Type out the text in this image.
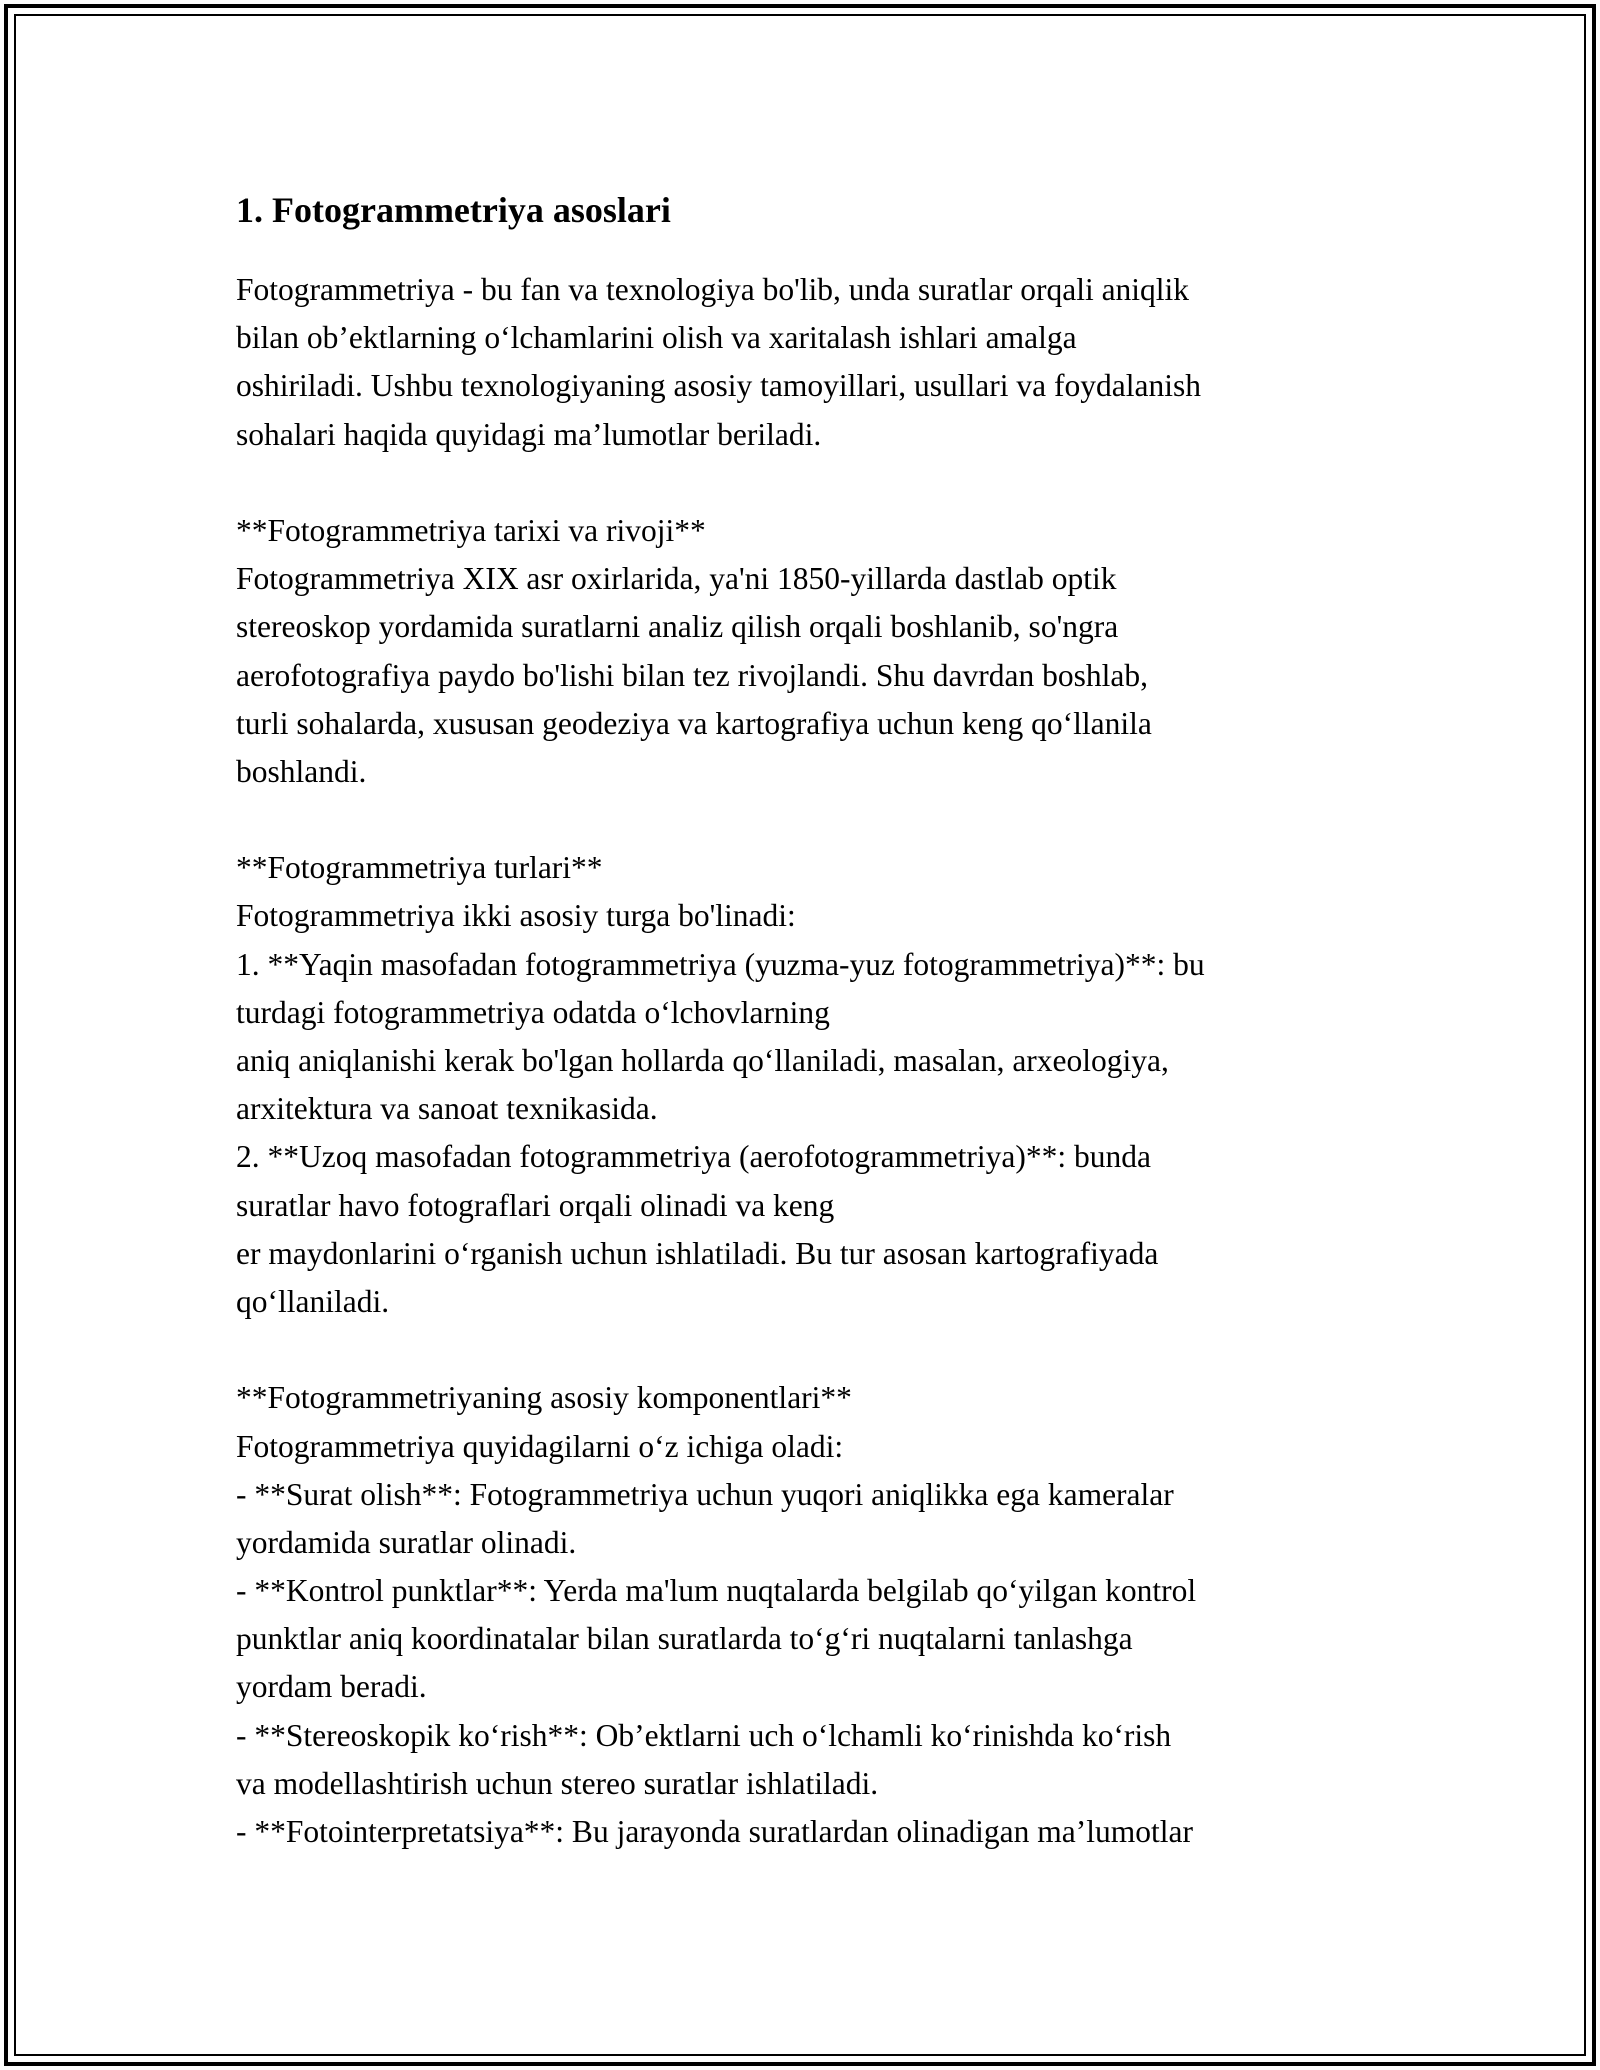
1. Fotogrammetriya asoslari
Fotogrammetriya - bu fan va texnologiya bo'lib, unda suratlar orqali aniqlik
bilan ob’ektlarning o‘lchamlarini olish va xaritalash ishlari amalga
oshiriladi. Ushbu texnologiyaning asosiy tamoyillari, usullari va foydalanish
sohalari haqida quyidagi ma’lumotlar beriladi.
**Fotogrammetriya tarixi va rivoji**
Fotogrammetriya XIX asr oxirlarida, ya'ni 1850-yillarda dastlab optik
stereoskop yordamida suratlarni analiz qilish orqali boshlanib, so'ngra
aerofotografiya paydo bo'lishi bilan tez rivojlandi. Shu davrdan boshlab,
turli sohalarda, xususan geodeziya va kartografiya uchun keng qo‘llanila
boshlandi.
**Fotogrammetriya turlari**
Fotogrammetriya ikki asosiy turga bo'linadi:
1. **Yaqin masofadan fotogrammetriya (yuzma-yuz fotogrammetriya)**: bu
turdagi fotogrammetriya odatda o‘lchovlarning
aniq aniqlanishi kerak bo'lgan hollarda qo‘llaniladi, masalan, arxeologiya,
arxitektura va sanoat texnikasida.
2. **Uzoq masofadan fotogrammetriya (aerofotogrammetriya)**: bunda
suratlar havo fotograflari orqali olinadi va keng
er maydonlarini o‘rganish uchun ishlatiladi. Bu tur asosan kartografiyada
qo‘llaniladi.
**Fotogrammetriyaning asosiy komponentlari**
Fotogrammetriya quyidagilarni o‘z ichiga oladi:
- **Surat olish**: Fotogrammetriya uchun yuqori aniqlikka ega kameralar
yordamida suratlar olinadi.
- **Kontrol punktlar**: Yerda ma'lum nuqtalarda belgilab qo‘yilgan kontrol
punktlar aniq koordinatalar bilan suratlarda to‘g‘ri nuqtalarni tanlashga
yordam beradi.
- **Stereoskopik ko‘rish**: Ob’ektlarni uch o‘lchamli ko‘rinishda ko‘rish
va modellashtirish uchun stereo suratlar ishlatiladi.
- **Fotointerpretatsiya**: Bu jarayonda suratlardan olinadigan ma’lumotlar
